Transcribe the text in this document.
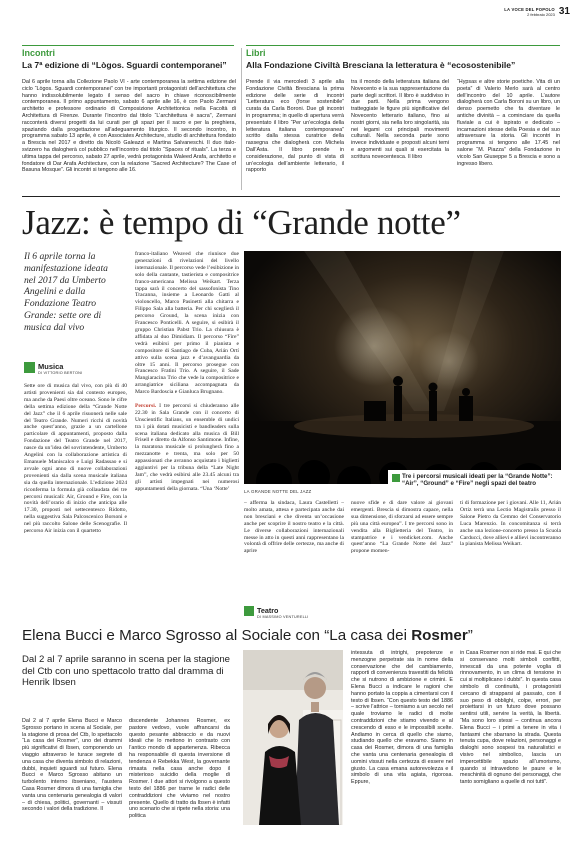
LA VOCE DEL POPOLO
2 febbraio 2023 31
Incontri
La 7ª edizione di “Lògos. Sguardi contemporanei”
Dal 6 aprile torna alla Collezione Paolo VI - arte contemporanea la settima edizione del ciclo “Lògos. Sguardi contemporanei” con tre importanti protagonisti dell’architettura che hanno indissolubilmente legato il senso del sacro in chiave riconoscibilmente contemporanea. Il primo appuntamento, sabato 6 aprile alle 16, è con Paolo Zermani architetto e professore ordinario di Composizione Architettonica nella Facoltà di Architettura di Firenze. Durante l’incontro dal titolo “L’architettura è sacra”, Zermani racconterà diversi progetti da lui curati per gli spazi per il sacro e per la preghiera, spaziando dalla progettazione all’adeguamento liturgico. Il secondo incontro, in programma sabato 13 aprile, è con Associates Architecture, studio di architettura fondato a Brescia nel 2017 e diretto da Nicolò Galeazzi e Martina Salvaneschi. Il duo italo-svizzero ha dialogherà col pubblico nell’incontro dal titolo “Spaces of rituals”. La terza e ultima tappa del percorso, sabato 27 aprile, vedrà protagonista Waleed Arafa, architetto e fondatore di Dar Arafa Architecture, con la relazione “Sacred Architecture? The Case of Basuna Mosque”. Gli incontri si tengono alle 16.
Libri
Alla Fondazione Civiltà Bresciana la letteratura è “ecosostenibile”
Prende il via mercoledì 3 aprile alla Fondazione Civiltà Bresciana la prima edizione delle serie di incontri “Letteratura eco (forse sostenibile” curata da Carla Boroni. Due gli incontri in programma; in quello di apertura verrà presentato il libro “Per un’ecologia della letteratura italiana contemporanea” scritto dalla stessa curatrice della rassegna che dialogherà con Michela Dall’Asta. Il libro prende in considerazione, dal punto di vista di un’ecologia dell’ambiente letterario, il rapporto
tra il mondo della letteratura italiana del Novecento e la sua rappresentazione da parte degli scrittori. Il libro è suddiviso in due parti. Nella prima vengono tratteggiate le figure più significative del Novecento letterario italiano, fino ai nostri giorni, sia nella loro singolarità, sia nei legami coi principali movimenti culturali. Nella seconda parte sono invece individuate e proposti alcuni temi e argomenti sui quali si esercitata la scrittura novecentesca. Il libro
“Hypsas e altre storie poetiche. Vita di un poeta” di Valerio Merlo sarà al centro dell’incontro del 10 aprile. L’autore dialogherà con Carla Boroni su un libro, un denso poemetto che fa diventare le antiche divinità – a cominciare da quella fluviale a cui è ispirato e dedicato – incarnazioni stesse della Poesia e del suo attraversare la storia. Gli incontri in programma si tengono alle 17.45 nel salone “M. Piazza” della Fondazione in vicolo San Giuseppe 5 a Brescia e sono a ingresso libero.
Jazz: è tempo di “Grande notte”
Il 6 aprile torna la manifestazione ideata nel 2017 da Umberto Angelini e dalla Fondazione Teatro Grande: sette ore di musica dal vivo
Musica
DI VITTORIO BERTONI
Sette ore di musica dal vivo, con più di 40 artisti provenienti sia dal contesto europeo, ma anche da Paesi oltre oceano. Sono le cifre della settima edizione della “Grande Notte del Jazz” che il 6 aprile risuonerà nelle sale del Teatro Grande. Numeri ricchi di novità anche quest’anno, grazie a un cartellone particolare di appuntamenti, proposto dalla Fondazione del Teatro Grande nel 2017, nasce da un’idea del sovrintendente, Umberto Angelini con la collaborazione artistica di Emanuele Maniscalco e Luigi Radassao e si avvale ogni anno di nuove collaborazioni provenienti sia dalla scena musicale italiana sia da quella internazionale. L’edizione 2024 riconferma la formula già collaudata dei tre percorsi musicali: Air, Ground e Fire, con la novità dell’orario di inizio che anticipa alle 17.30, proposti nel settecentesco Ridotto, nella suggestiva Sala Palcoscenico Borsoni e nel più raccolto Salone delle Scenografie. Il percorso Air inizia con il quartetto
franco-italiano Weaved che riunisce due generazioni di rivelazioni del livello internazionale. Il percorso vede l’esibizione in solo della cantante, tastierista e compositrice franco-americana Melissa Weikart. Terza tappa sarà il concerto del sassofonista Tino Tracanna, insieme a Leonardo Gatti al violoncello, Marco Pasinetti alla chitarra e Filippo Sala alla batteria. Per chi sceglierà il percorso Ground, la scena inizia con Francesco Ponticelli. A seguire, si esibirà il gruppo Christian Pabst Trio. La chiusura è affidata al duo Dimidiam. Il percorso “Fire” vedrà esibirsi per primo il pianista e compositore di Santiago de Cuba, Arián Ortí attivo sulla scena jazz e d’avanguardia da oltre 15 anni. Il percorso prosegue con Francesco Fratini Trio. A seguire, il Sade Mangiaracina Trio che vede la compositrice e arrangiatrice siciliana accompagnata da Marco Bardoscia e Gianluca Brugnano.

Percorsi. I tre percorsi si chiuderanno alle 22.30 in Sala Grande con il concerto di Unscientific Italians, un ensemble di undici tra i più dotati musicisti e bandleaders sulla scena italiana dedicato alla musica di Bill Frisell e diretto da Alfonso Santimone. Infine, la maratona musicale si prolungherà fino a mezzanotte e trenta, ma solo per 50 appassionati che avranno acquistato i biglietti aggiuntivi per la tribuna della “Late Night Jam”, che vedrà esibirsi alle 23.45 alcuni tra gli artisti impegnati nei numerosi appuntamenti della giornata. “Una ‘Notte’
Tre i percorsi musicali ideati per la “Grande Notte”: “Air”, “Ground” e “Fire” negli spazi del teatro
LA GRANDE NOTTE DEL JAZZ
– afferma la sindaca, Laura Castelletti – molto amata, attesa e partecipata anche dai non bresciani e che diventa un’occasione anche per scoprire il nostro teatro e la città. Le diverse collaborazioni internazionali messe in atto in questi anni rappresentano la volontà di offrire delle certezze, ma anche di aprire
nuove sfide e di dare valore ai giovani emergenti. Brescia si dimostra capace, nella sua dimensione, di sforzarsi ad essere sempre più una città europea”. I tre percorsi sono in vendita alla Biglietteria del Teatro, in stampatrice e i vendicket.com. Anche quest’anno “La Grande Notte del Jazz” propone momen-
ti di formazione per i giovani. Alle 11, Arián Ortiz terrà una Lectio Magistralis presso il Salone Pietro da Cemmo del Conservatorio Luca Marenzio. In concomitanza si terrà anche una lezione-concerto presso la Scuola Carducci, dove allievi e allievi incontreranno la pianista Melissa Weikart.
Teatro
DI MASSIMO VENTURELLI
Elena Bucci e Marco Sgrosso al Sociale con “La casa dei Rosmer”
Dal 2 al 7 aprile saranno in scena per la stagione del Ctb con uno spettacolo tratto dal dramma di Henrik Ibsen
Dal 2 al 7 aprile Elena Bucci e Marco Sgrosso portano in scena al Sociale, per la stagione di prosa del Ctb, lo spettacolo “La casa dei Rosmer”, uno dei drammi più significativi di Ibsen, componendo un viaggio attraverso le turace segrete di una casa che diventa simbolo di relazioni, dubbi, inquieti sguardi sul futuro. Elena Bucci e Marco Sgrosso abitano un turbolento interno ibseniano, l’austera Casa Rosmer dimora di una famiglia che vanta una centenaria genealogia di valori – di chiesa, politici, governanti – vissuti secondo i valori della tradizione. Il
discendente Johannes Rosmer, ex pastore vedovo, vuole affrancarsi da questo pesante abbraccio e da nuovi ideali che lo mettono in contrasto con l’antico mondo di appartenenza. Ribecca ha responsabile di questa inversione di tendenza è Rebekka West, la governante rimasta nella casa anche dopo il misterioso suicidio della moglie di Rosmer. I due attori si rivolgono a questo testo del 1886 per trarne le radici delle contraddizioni che viviamo nel nostro presente. Quello di tratto da Ibsen è infatti uno scenario che si ripete nella storia: una politica
intessuta di intrighi, prepotenze e menzogne perpetrate sia in nome della conservazione che del cambiamento, rapporti di convenienza travestiti da felicità che si nutrono di ambizione e crimini. E Elena Bucci a indicare le ragioni che hanno portato la coppia a cimentarsi con il testo di Ibsen. “Con questo testo del 1886 – scrive l’attrice – torniamo a un secolo nel quale troviamo le radici di molte contraddizioni che stiamo vivendo e al crescendo di esso e le impossibili scelte. Andiamo in cerca di quello che siamo, studiando quello che eravamo. Siamo in casa dei Rosmer, dimora di una famiglia che vanta una centenaria genealogia di uomini vissuti nella certezza di essere nel giusto. La casa emana autorevolezza e il simbolo di una vita agiata, rigorosa. Eppure,
in Casa Rosmer non si ride mai. E qui che si conservano molti simboli conflitti, innescati da una potente voglia di rinnovamento, in un clima di tensione in cui si moltiplicano i dubbi”. In questa casa simbolo di continuità, i protagonisti cercano di strapparsi al passato, con il suo peso di obblighi, colpe, errori, per proiettarsi in un futuro dove possano sentirsi utili, servire la verità, la libertà. “Ma sono loro stessi – continua ancora Elena Bucci – i primi a tenere in vita i fantasmi che sbarrano la strada. Questa tenuta cupa, dove relazioni, personaggi e dialoghi sono sospesi tra naturalistici e visivo nel simbolico, lascia un impercettibile spazio all’umorismo, quando si intravedono le paure e le meschinità di ognuno dei personaggi, che tanto somigliano a quelle di noi tutti”.
